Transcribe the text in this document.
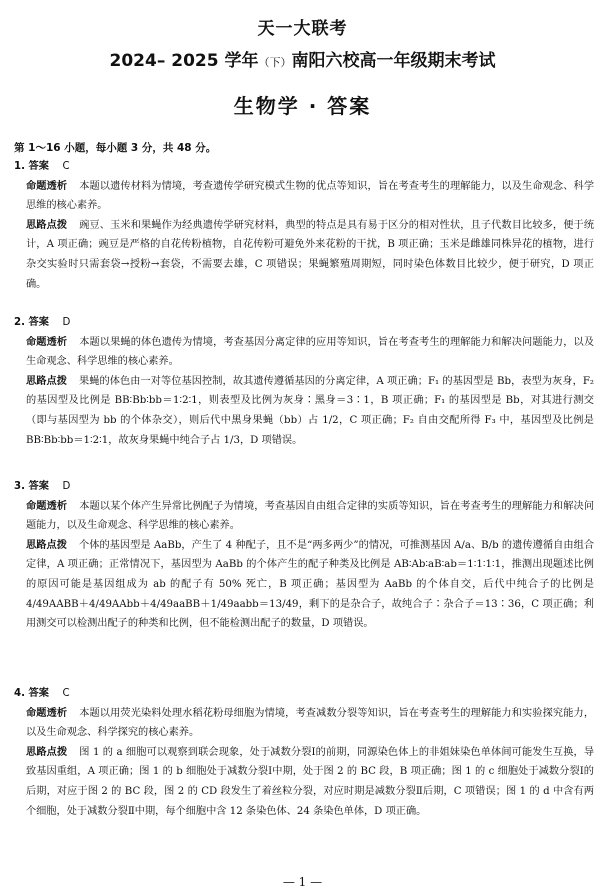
天一大联考
2024– 2025 学年（下）南阳六校高一年级期末考试
生物学 · 答案
第 1～16 小题，每小题 3 分，共 48 分。
1. 答案 C
命题透析 本题以遗传材料为情境，考查遗传学研究模式生物的优点等知识，旨在考查考生的理解能力，以及生命观念、科学思维的核心素养。
思路点拨 豌豆、玉米和果蝇作为经典遗传学研究材料，典型的特点是具有易于区分的相对性状，且子代数目比较多，便于统计，A 项正确；豌豆是严格的自花传粉植物，自花传粉可避免外来花粉的干扰，B 项正确；玉米是雌雄同株异花的植物，进行杂交实验时只需套袋→授粉→套袋，不需要去雄，C 项错误；果蝇繁殖周期短，同时染色体数目比较少，便于研究，D 项正确。
2. 答案 D
命题透析 本题以果蝇的体色遗传为情境，考查基因分离定律的应用等知识，旨在考查考生的理解能力和解决问题能力，以及生命观念、科学思维的核心素养。
思路点拨 果蝇的体色由一对等位基因控制，故其遗传遵循基因的分离定律，A 项正确；F₁ 的基因型是 Bb，表型为灰身，F₂ 的基因型及比例是 BB∶Bb∶bb＝1∶2∶1，则表型及比例为灰身∶黑身＝3∶1，B 项正确；F₁ 的基因型是 Bb，对其进行测交（即与基因型为 bb 的个体杂交），则后代中黑身果蝇（bb）占 1/2，C 项正确；F₂ 自由交配所得 F₃ 中，基因型及比例是 BB∶Bb∶bb＝1∶2∶1，故灰身果蝇中纯合子占 1/3，D 项错误。
3. 答案 D
命题透析 本题以某个体产生异常比例配子为情境，考查基因自由组合定律的实质等知识，旨在考查考生的理解能力和解决问题能力，以及生命观念、科学思维的核心素养。
思路点拨 个体的基因型是 AaBb，产生了 4 种配子，且不是“两多两少”的情况，可推测基因 A/a、B/b 的遗传遵循自由组合定律，A 项正确；正常情况下，基因型为 AaBb 的个体产生的配子种类及比例是 AB∶Ab∶aB∶ab＝1∶1∶1∶1，推测出现题述比例的原因可能是基因组成为 ab 的配子有 50% 死亡，B 项正确；基因型为 AaBb 的个体自交，后代中纯合子的比例是 4/49AABB＋4/49AAbb＋4/49aaBB＋1/49aabb＝13/49，剩下的是杂合子，故纯合子∶杂合子＝13∶36，C 项正确；利用测交可以检测出配子的种类和比例，但不能检测出配子的数量，D 项错误。
4. 答案 C
命题透析 本题以用荧光染料处理水稻花粉母细胞为情境，考查减数分裂等知识，旨在考查考生的理解能力和实验探究能力，以及生命观念、科学探究的核心素养。
思路点拨 图 1 的 a 细胞可以观察到联会现象，处于减数分裂Ⅰ的前期，同源染色体上的非姐妹染色单体间可能发生互换，导致基因重组，A 项正确；图 1 的 b 细胞处于减数分裂Ⅰ中期，处于图 2 的 BC 段，B 项正确；图 1 的 c 细胞处于减数分裂Ⅰ的后期，对应于图 2 的 BC 段，图 2 的 CD 段发生了着丝粒分裂，对应时期是减数分裂Ⅱ后期，C 项错误；图 1 的 d 中含有两个细胞，处于减数分裂Ⅱ中期，每个细胞中含 12 条染色体、24 条染色单体，D 项正确。
— 1 —
